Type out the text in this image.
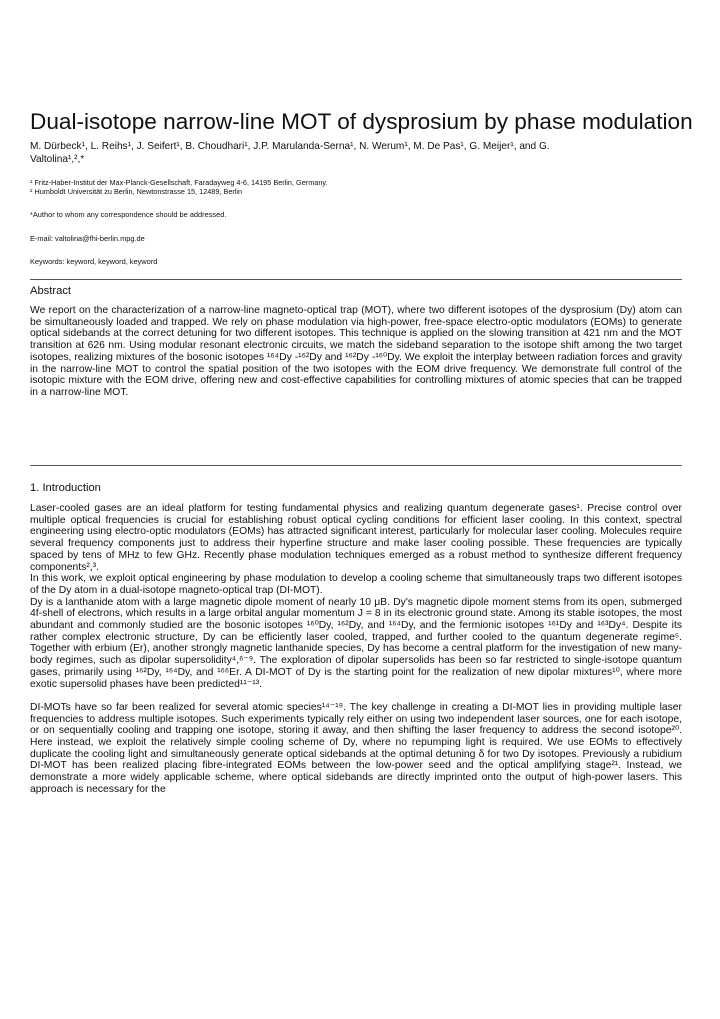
Dual-isotope narrow-line MOT of dysprosium by phase modulation
M. Dürbeck¹, L. Reihs¹, J. Seifert¹, B. Choudhari¹, J.P. Marulanda-Serna¹, N. Werum¹, M. De Pas¹, G. Meijer¹, and G.
Valtolina¹,²,*
¹ Fritz-Haber-Institut der Max-Planck-Gesellschaft, Faradayweg 4-6, 14195 Berlin, Germany.
² Humboldt Universität zu Berlin, Newtonstrasse 15, 12489, Berlin
*Author to whom any correspondence should be addressed.
E-mail: valtolina@fhi-berlin.mpg.de
Keywords: keyword, keyword, keyword
Abstract

We report on the characterization of a narrow-line magneto-optical trap (MOT), where two different isotopes of the dysprosium (Dy) atom can be simultaneously loaded and trapped. We rely on phase modulation via high-power, free-space electro-optic modulators (EOMs) to generate optical sidebands at the correct detuning for two different isotopes. This technique is applied on the slowing transition at 421 nm and the MOT transition at 626 nm. Using modular resonant electronic circuits, we match the sideband separation to the isotope shift among the two target isotopes, realizing mixtures of the bosonic isotopes ¹⁶⁴Dy -¹⁶²Dy and ¹⁶²Dy -¹⁶⁰Dy. We exploit the interplay between radiation forces and gravity in the narrow-line MOT to control the spatial position of the two isotopes with the EOM drive frequency. We demonstrate full control of the isotopic mixture with the EOM drive, offering new and cost-effective capabilities for controlling mixtures of atomic species that can be trapped in a narrow-line MOT.

1. Introduction

Laser-cooled gases are an ideal platform for testing fundamental physics and realizing quantum degenerate gases¹. Precise control over multiple optical frequencies is crucial for establishing robust optical cycling conditions for efficient laser cooling. In this context, spectral engineering using electro-optic modulators (EOMs) has attracted significant interest, particularly for molecular laser cooling. Molecules require several frequency components just to address their hyperfine structure and make laser cooling possible. These frequencies are typically spaced by tens of MHz to few GHz. Recently phase modulation techniques emerged as a robust method to synthesize different frequency components²,³.

In this work, we exploit optical engineering by phase modulation to develop a cooling scheme that simultaneously traps two different isotopes of the Dy atom in a dual-isotope magneto-optical trap (DI-MOT).

Dy is a lanthanide atom with a large magnetic dipole moment of nearly 10 μB. Dy's magnetic dipole moment stems from its open, submerged 4f-shell of electrons, which results in a large orbital angular momentum J = 8 in its electronic ground state. Among its stable isotopes, the most abundant and commonly studied are the bosonic isotopes ¹⁶⁰Dy, ¹⁶²Dy, and ¹⁶⁴Dy, and the fermionic isotopes ¹⁶¹Dy and ¹⁶³Dy⁴. Despite its rather complex electronic structure, Dy can be efficiently laser cooled, trapped, and further cooled to the quantum degenerate regime⁵. Together with erbium (Er), another strongly magnetic lanthanide species, Dy has become a central platform for the investigation of new many-body regimes, such as dipolar supersolidity⁴,⁶⁻⁹. The exploration of dipolar supersolids has been so far restricted to single-isotope quantum gases, primarily using ¹⁶²Dy, ¹⁶⁴Dy, and ¹⁶⁶Er. A DI-MOT of Dy is the starting point for the realization of new dipolar mixtures¹⁰, where more exotic supersolid phases have been predicted¹¹⁻¹³.

DI-MOTs have so far been realized for several atomic species¹⁴⁻¹⁹. The key challenge in creating a DI-MOT lies in providing multiple laser frequencies to address multiple isotopes. Such experiments typically rely either on using two independent laser sources, one for each isotope, or on sequentially cooling and trapping one isotope, storing it away, and then shifting the laser frequency to address the second isotope²⁰. Here instead, we exploit the relatively simple cooling scheme of Dy, where no repumping light is required. We use EOMs to effectively duplicate the cooling light and simultaneously generate optical sidebands at the optimal detuning δ for two Dy isotopes. Previously a rubidium DI-MOT has been realized placing fibre-integrated EOMs between the low-power seed and the optical amplifying stage²¹. Instead, we demonstrate a more widely applicable scheme, where optical sidebands are directly imprinted onto the output of high-power lasers. This approach is necessary for the
